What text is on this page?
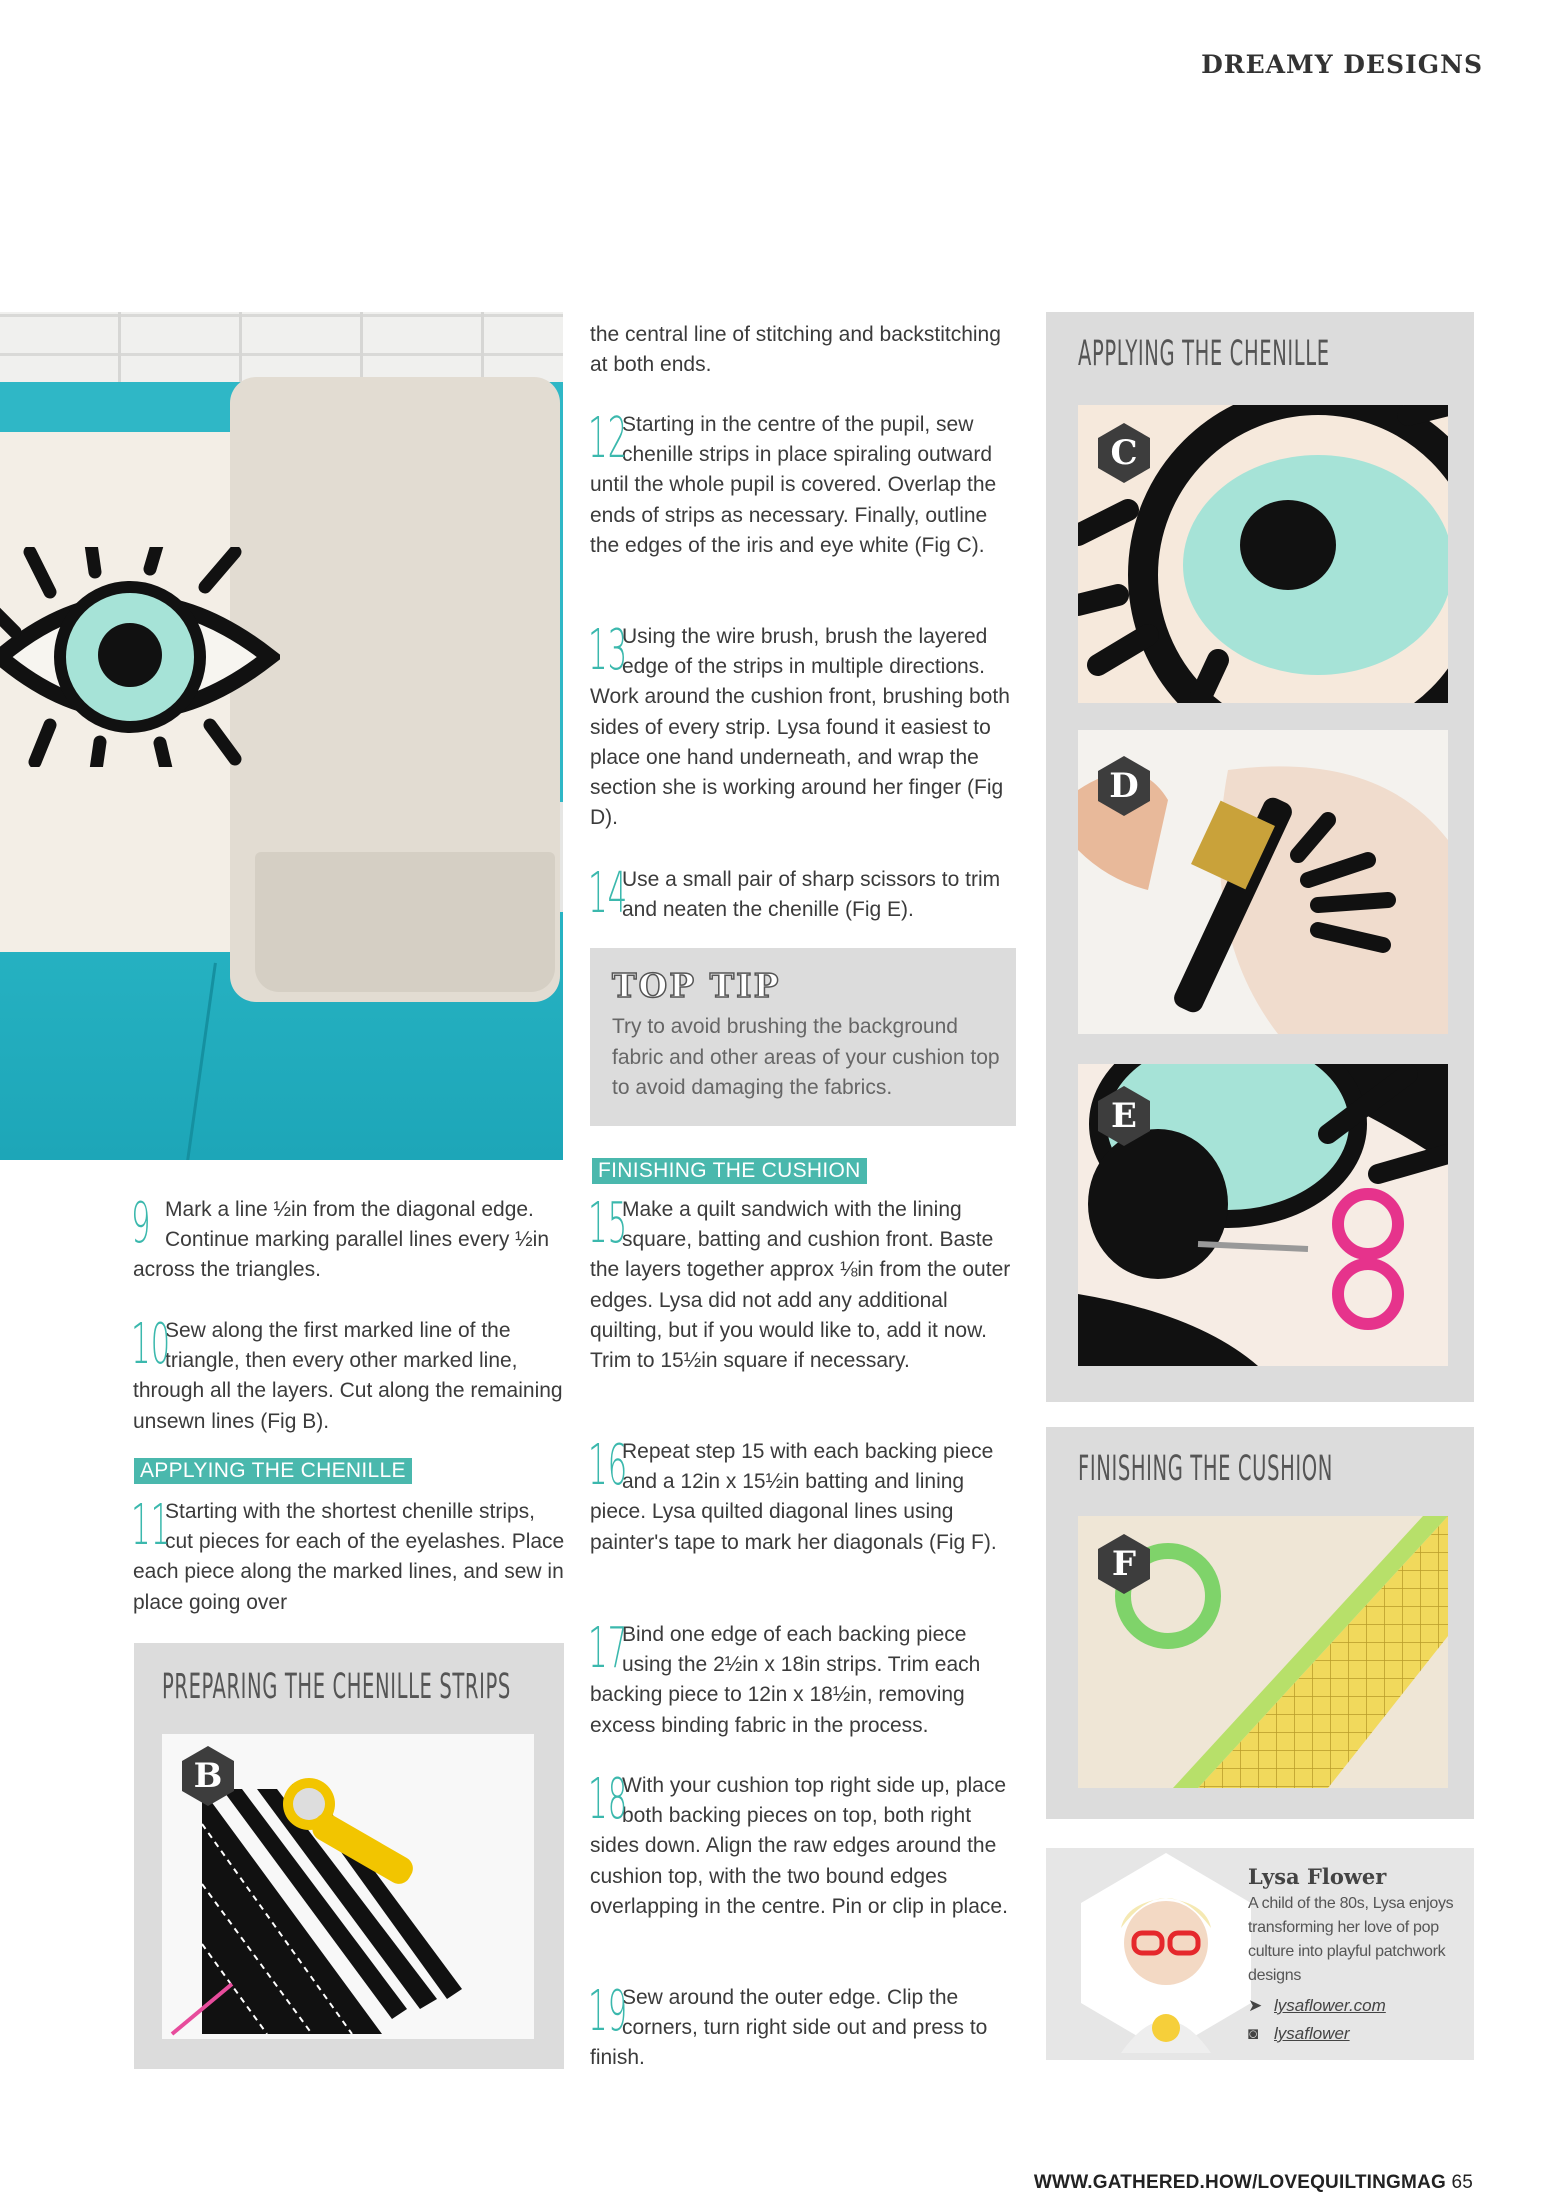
DREAMY DESIGNS
9 Mark a line ½in from the diagonal edge. Continue marking parallel lines every ½in across the triangles.
10
Sew along the first marked line of the triangle, then every other marked line, through all the layers. Cut along the remaining unsewn lines (Fig B).
APPLYING THE CHENILLE
11
Starting with the shortest chenille strips, cut pieces for each of the eyelashes. Place each piece along the marked lines, and sew in place going over
PREPARING THE CHENILLE STRIPS
B
the central line of stitching and backstitching at both ends.
12
Starting in the centre of the pupil, sew chenille strips in place spiraling outward until the whole pupil is covered. Overlap the ends of strips as necessary. Finally, outline the edges of the iris and eye white (Fig C).
13
Using the wire brush, brush the layered edge of the strips in multiple directions. Work around the cushion front, brushing both sides of every strip. Lysa found it easiest to place one hand underneath, and wrap the section she is working around her finger (Fig D).
14
Use a small pair of sharp scissors to trim and neaten the chenille (Fig E).
TOP TIP
Try to avoid brushing the background fabric and other areas of your cushion top to avoid damaging the fabrics.
FINISHING THE CUSHION
15
Make a quilt sandwich with the lining square, batting and cushion front. Baste the layers together approx ⅛in from the outer edges. Lysa did not add any additional quilting, but if you would like to, add it now. Trim to 15½in square if necessary.
16
Repeat step 15 with each backing piece and a 12in x 15½in batting and lining piece. Lysa quilted diagonal lines using painter's tape to mark her diagonals (Fig F).
17
Bind one edge of each backing piece using the 2½in x 18in strips. Trim each backing piece to 12in x 18½in, removing excess binding fabric in the process.
18
With your cushion top right side up, place both backing pieces on top, both right sides down. Align the raw edges around the cushion top, with the two bound edges overlapping in the centre. Pin or clip in place.
19
Sew around the outer edge. Clip the corners, turn right side out and press to finish.
APPLYING THE CHENILLE
C
D
E
FINISHING THE CUSHION
F
Lysa Flower
A child of the 80s, Lysa enjoys transforming her love of pop culture into playful patchwork designs
➤ lysaflower.com
◙ lysaflower
WWW.GATHERED.HOW/LOVEQUILTINGMAG 65
